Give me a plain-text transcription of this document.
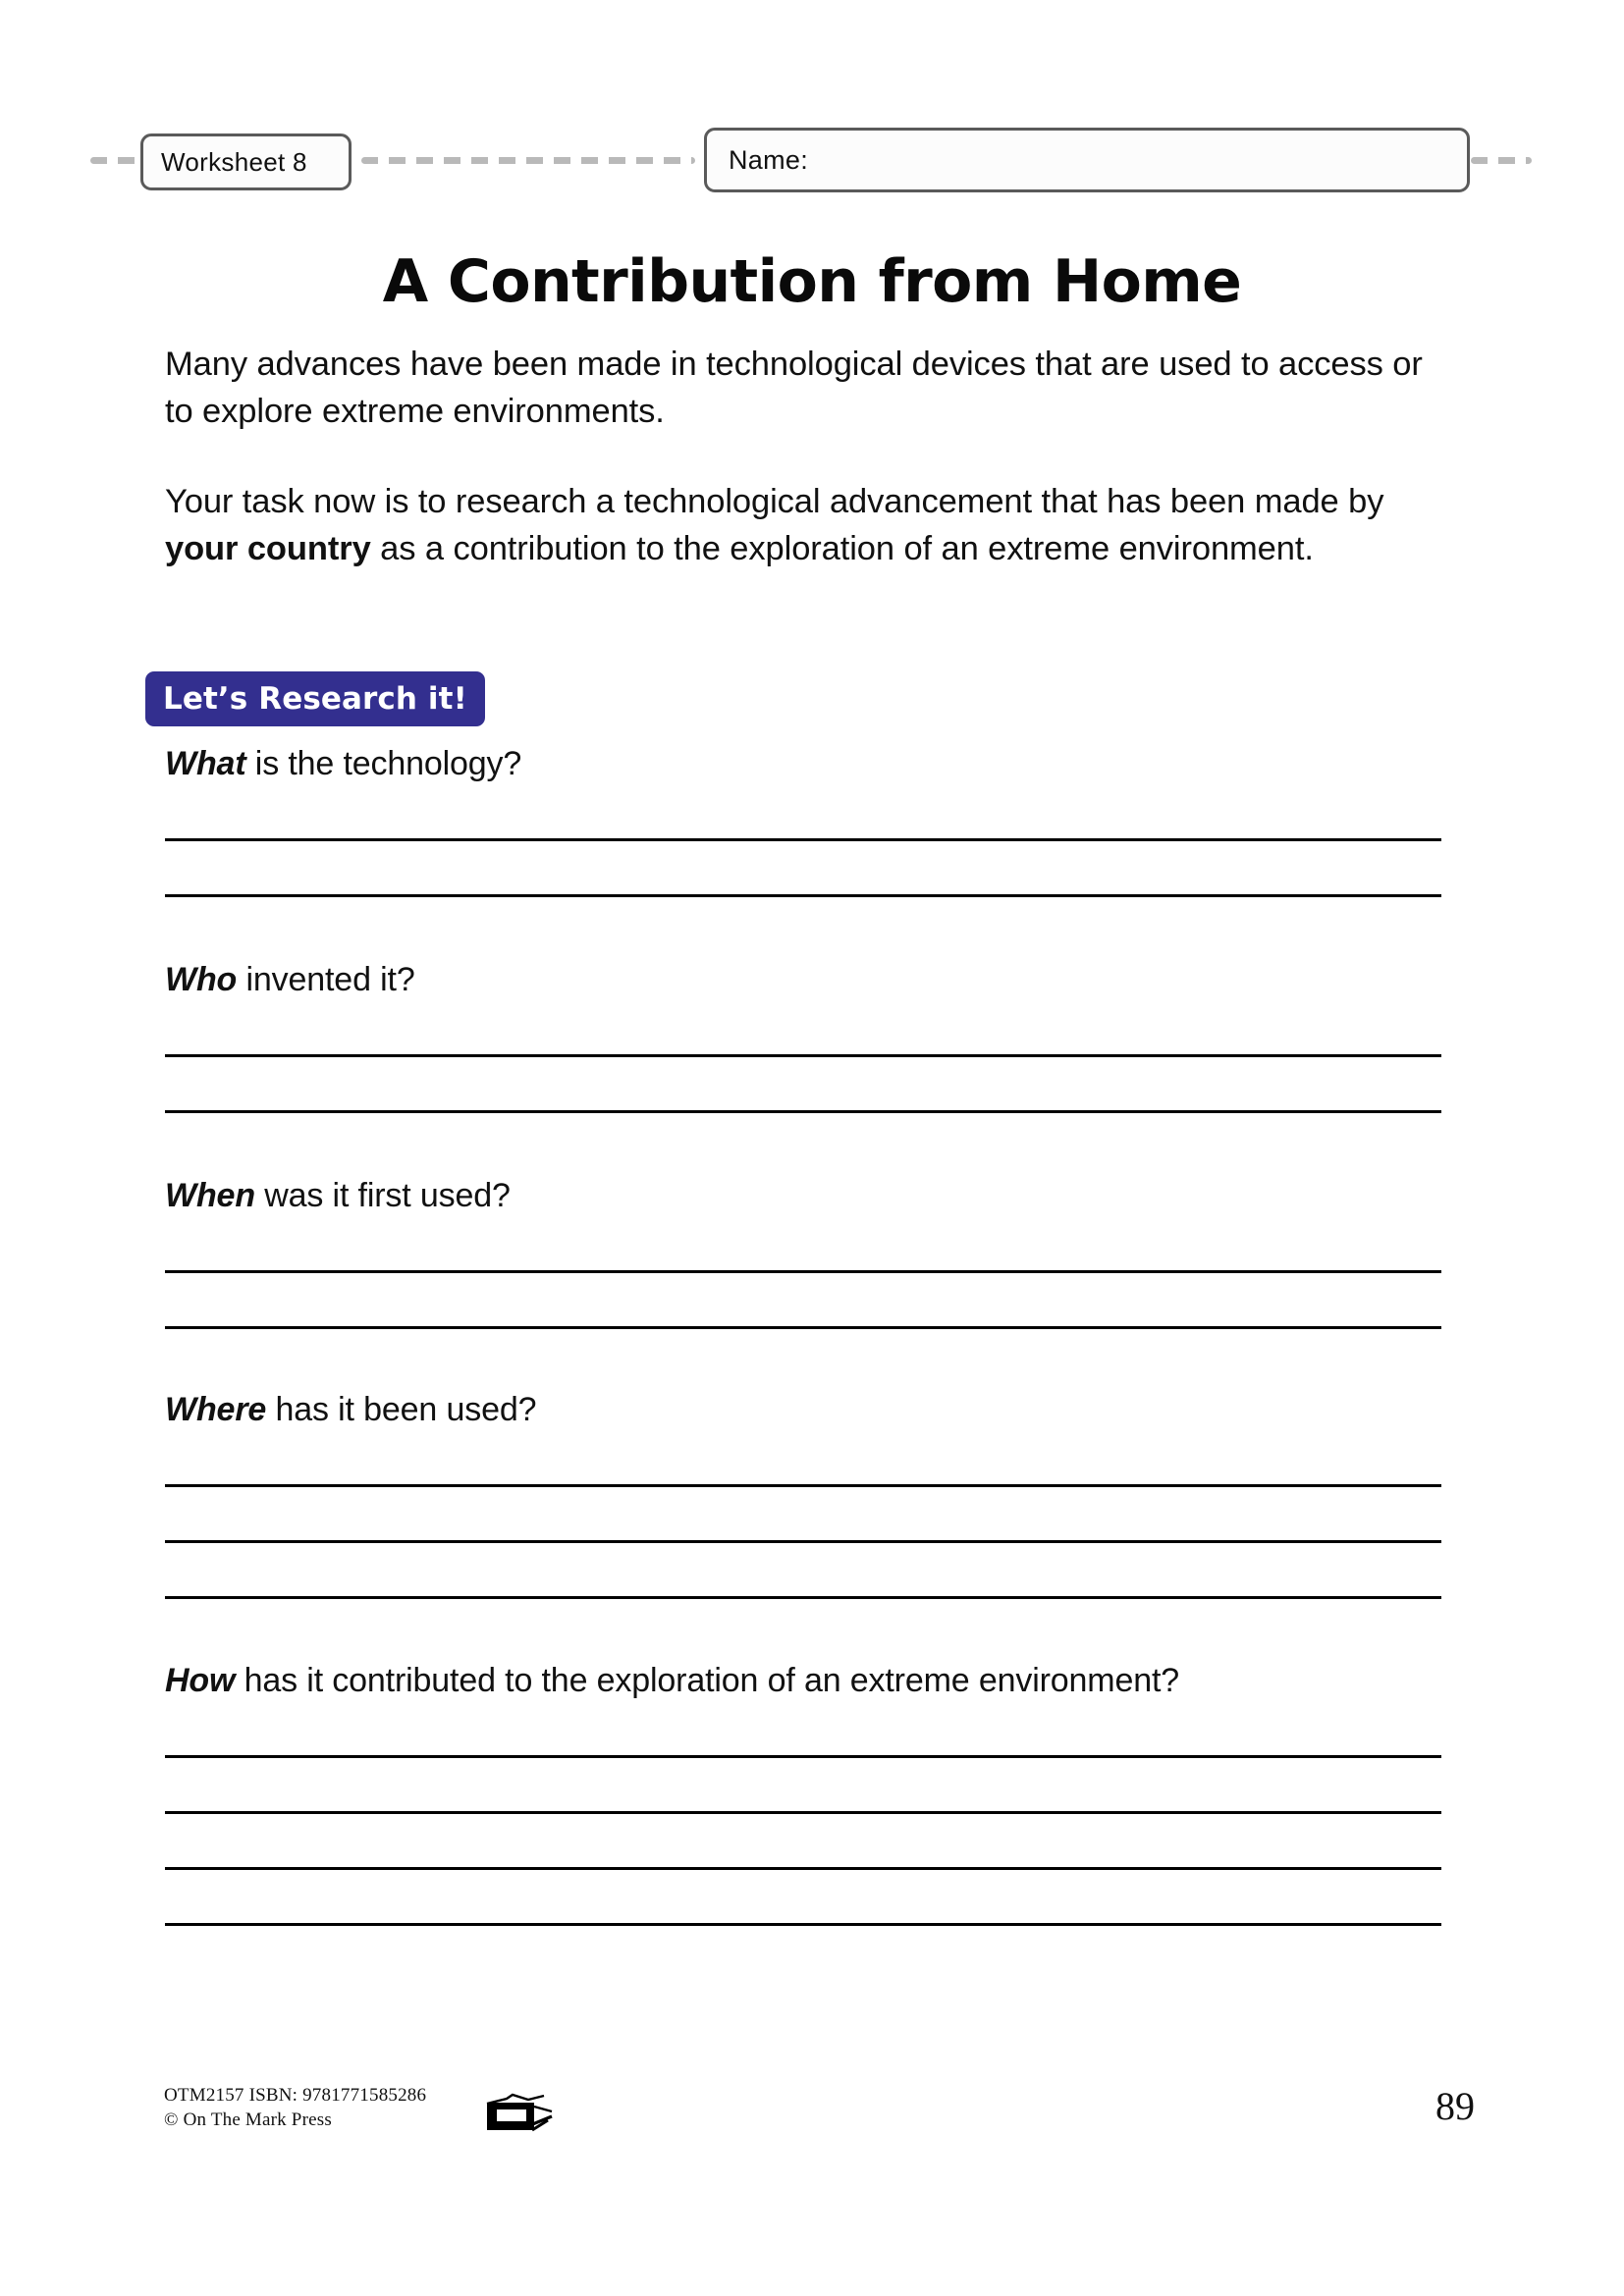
Worksheet 8	Name:
A Contribution from Home

Many advances have been made in technological devices that are used to access or to explore extreme environments.

Your task now is to research a technological advancement that has been made by your country as a contribution to the exploration of an extreme environment.

Let’s Research it!
What is the technology?
Who invented it?
When was it first used?
Where has it been used?
How has it contributed to the exploration of an extreme environment?
OTM2157 ISBN: 9781771585286
© On The Mark Press	89
